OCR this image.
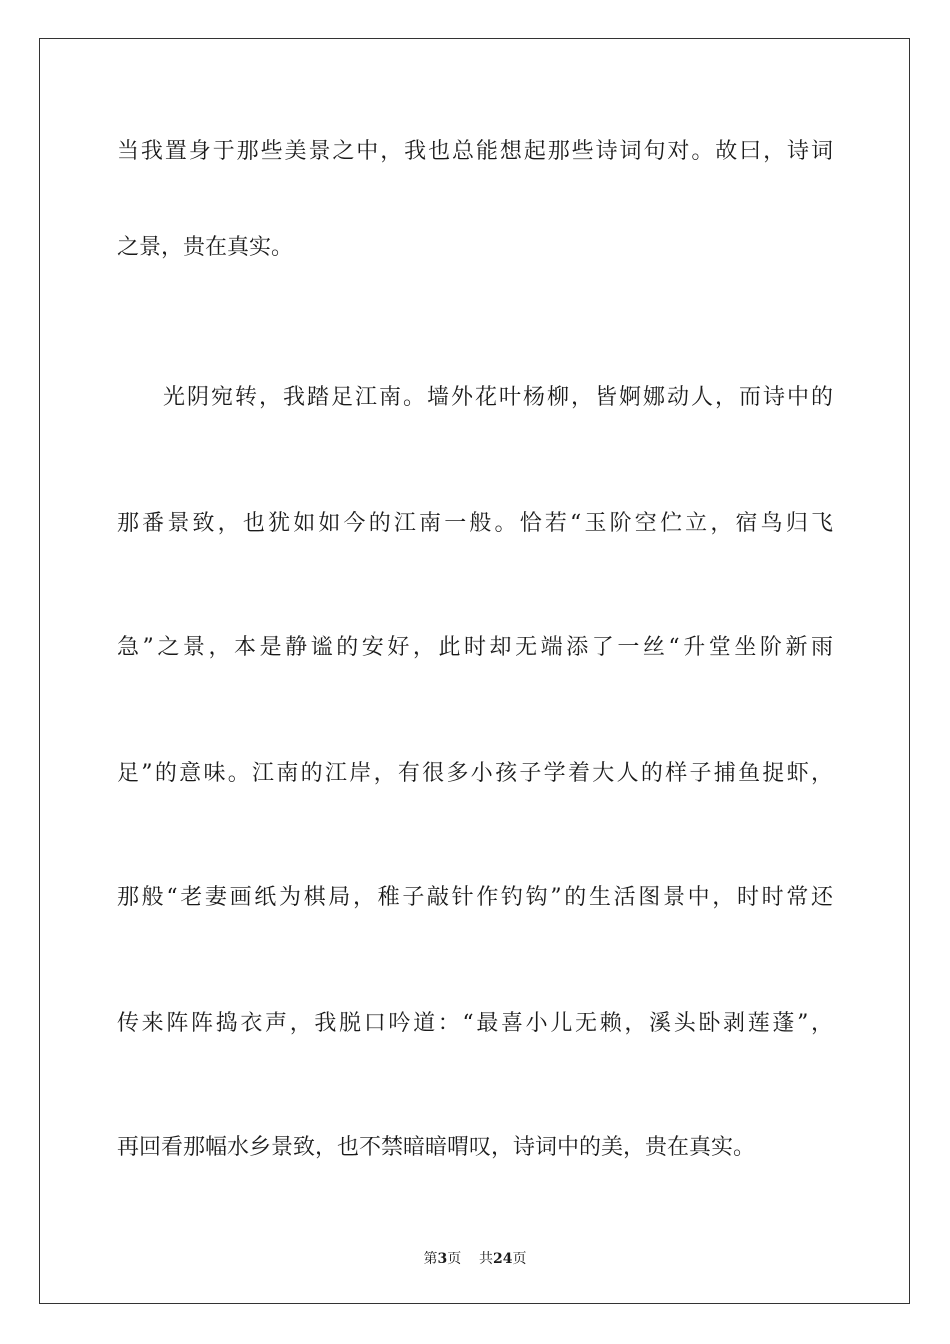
当我置身于那些美景之中，我也总能想起那些诗词句对。故曰，诗词
之景，贵在真实。
光阴宛转，我踏足江南。墙外花叶杨柳，皆婀娜动人，而诗中的
那番景致，也犹如如今的江南一般。恰若“玉阶空伫立，宿鸟归飞
急”之景，本是静谧的安好，此时却无端添了一丝“升堂坐阶新雨
足”的意味。江南的江岸，有很多小孩子学着大人的样子捕鱼捉虾，
那般“老妻画纸为棋局，稚子敲针作钓钩”的生活图景中，时时常还
传来阵阵捣衣声，我脱口吟道：“最喜小儿无赖，溪头卧剥莲蓬”，
再回看那幅水乡景致，也不禁暗暗喟叹，诗词中的美，贵在真实。
第3页 共24页
